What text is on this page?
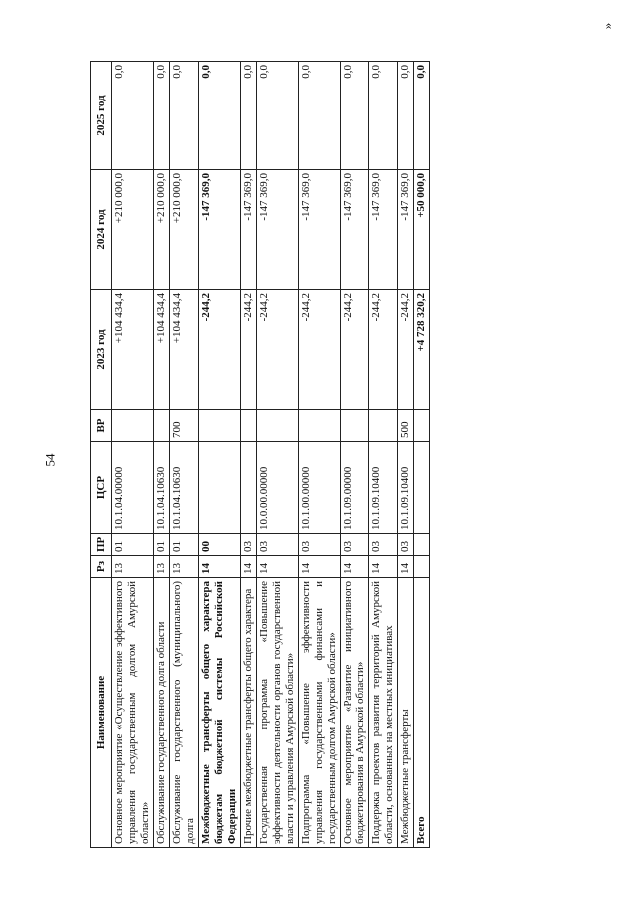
54
Наименование	Рз	ПР	ЦСР	ВР	2023 год	2024 год	2025 год
Основное мероприятие «Осуществление эффективного управления государственным долгом Амурской области»	13	01	10.1.04.00000		+104 434,4	+210 000,0	0,0
Обслуживание государственного долга области	13	01	10.1.04.10630		+104 434,4	+210 000,0	0,0
Обслуживание государственного (муниципального) долга	13	01	10.1.04.10630	700	+104 434,4	+210 000,0	0,0
Межбюджетные трансферты общего характера бюджетам бюджетной системы Российской Федерации	14	00			-244,2	-147 369,0	0,0
Прочие межбюджетные трансферты общего характера	14	03			-244,2	-147 369,0	0,0
Государственная программа «Повышение эффективности деятельности органов государственной власти и управления Амурской области»	14	03	10.0.00.00000		-244,2	-147 369,0	0,0
Подпрограмма «Повышение эффективности управления государственными финансами и государственным долгом Амурской области»	14	03	10.1.00.00000		-244,2	-147 369,0	0,0
Основное мероприятие «Развитие инициативного бюджетирования в Амурской области»	14	03	10.1.09.00000		-244,2	-147 369,0	0,0
Поддержка проектов развития территорий Амурской области, основанных на местных инициативах	14	03	10.1.09.10400		-244,2	-147 369,0	0,0
Межбюджетные трансферты	14	03	10.1.09.10400	500	-244,2	-147 369,0	0,0
Всего					+4 728 320,2	+50 000,0	0,0
»
